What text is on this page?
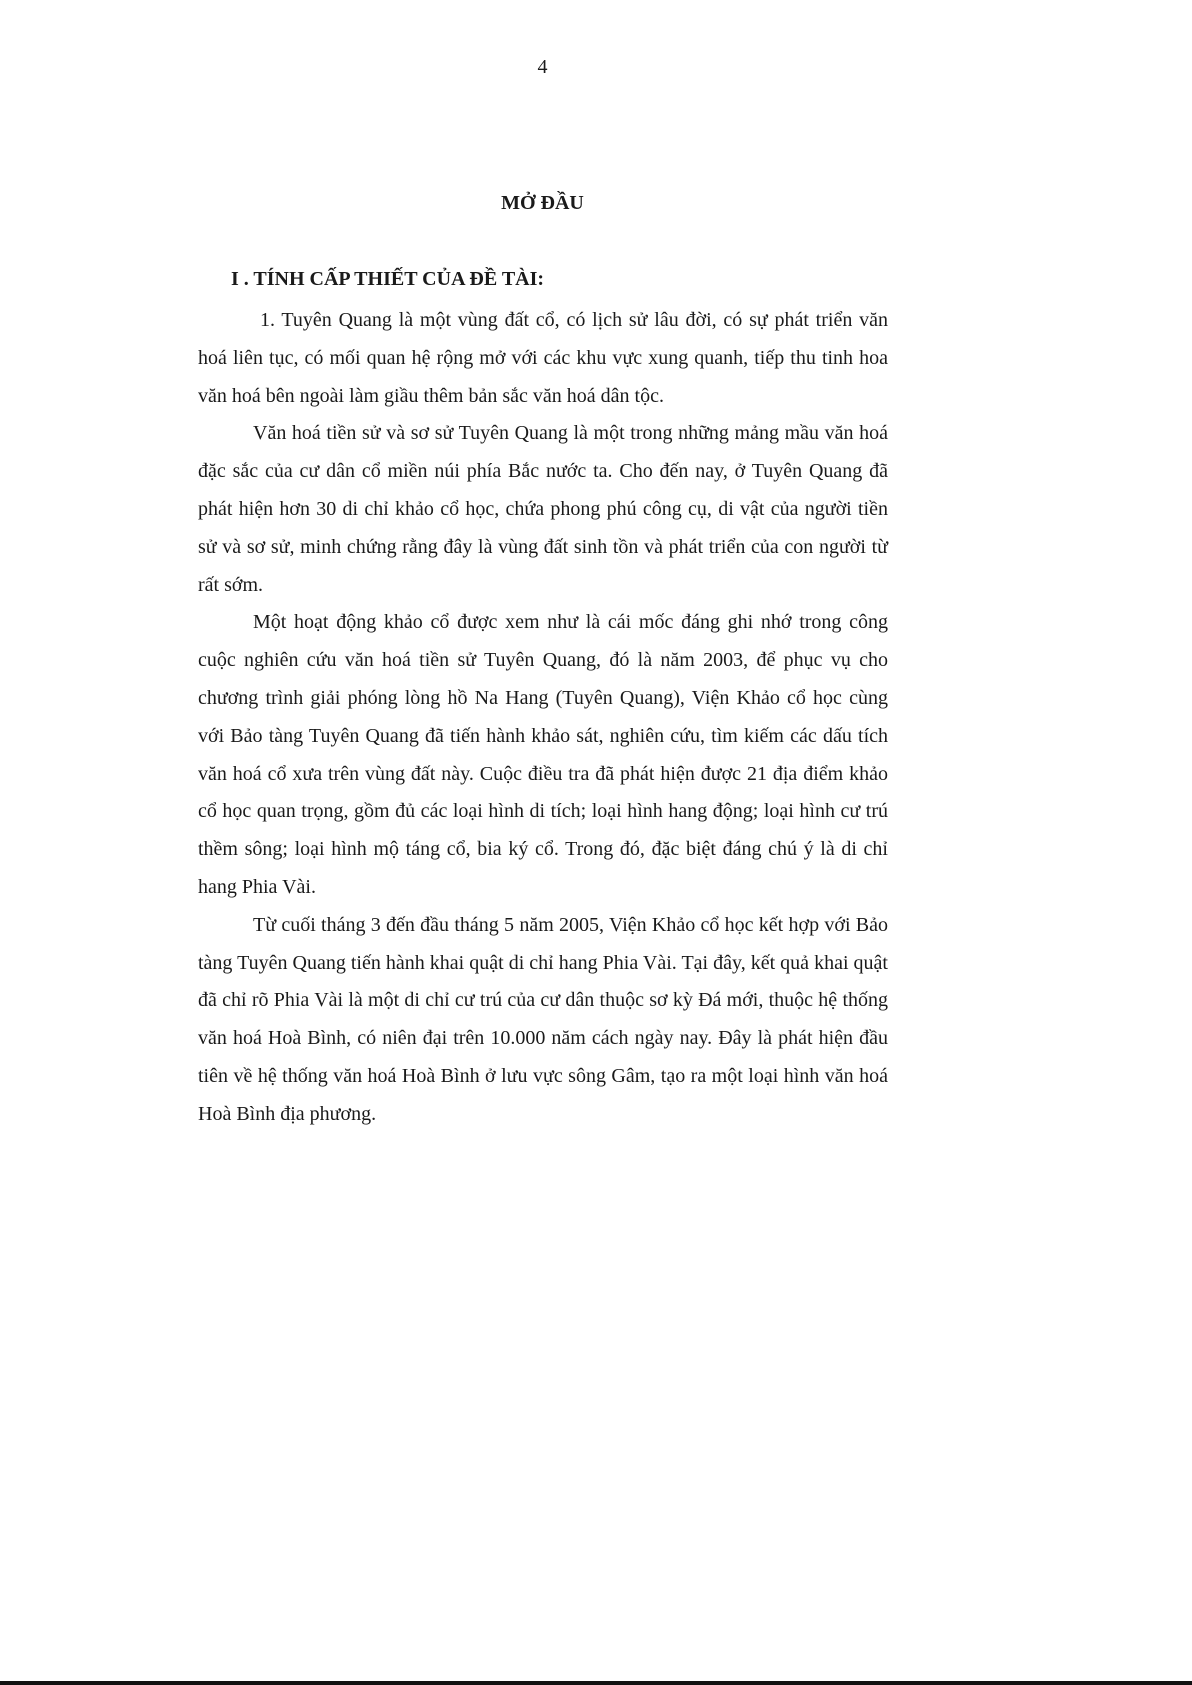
4
MỞ ĐẦU
I . TÍNH CẤP THIẾT CỦA ĐỀ TÀI:

1. Tuyên Quang là một vùng đất cổ, có lịch sử lâu đời, có sự phát triển văn hoá liên tục, có mối quan hệ rộng mở với các khu vực xung quanh, tiếp thu tinh hoa văn hoá bên ngoài làm giầu thêm bản sắc văn hoá dân tộc.

Văn hoá tiền sử và sơ sử Tuyên Quang là một trong những mảng mầu văn hoá đặc sắc của cư dân cổ miền núi phía Bắc nước ta. Cho đến nay, ở Tuyên Quang đã phát hiện hơn 30 di chỉ khảo cổ học, chứa phong phú công cụ, di vật của người tiền sử và sơ sử, minh chứng rằng đây là vùng đất sinh tồn và phát triển của con người từ rất sớm.

Một hoạt động khảo cổ được xem như là cái mốc đáng ghi nhớ trong công cuộc nghiên cứu văn hoá tiền sử Tuyên Quang, đó là năm 2003, để phục vụ cho chương trình giải phóng lòng hồ Na Hang (Tuyên Quang), Viện Khảo cổ học cùng với Bảo tàng Tuyên Quang đã tiến hành khảo sát, nghiên cứu, tìm kiếm các dấu tích văn hoá cổ xưa trên vùng đất này. Cuộc điều tra đã phát hiện được 21 địa điểm khảo cổ học quan trọng, gồm đủ các loại hình di tích; loại hình hang động; loại hình cư trú thềm sông; loại hình mộ táng cổ, bia ký cổ. Trong đó, đặc biệt đáng chú ý là di chỉ hang Phia Vài.

Từ cuối tháng 3 đến đầu tháng 5 năm 2005, Viện Khảo cổ học kết hợp với Bảo tàng Tuyên Quang tiến hành khai quật di chỉ hang Phia Vài. Tại đây, kết quả khai quật đã chỉ rõ Phia Vài là một di chỉ cư trú của cư dân thuộc sơ kỳ Đá mới, thuộc hệ thống văn hoá Hoà Bình, có niên đại trên 10.000 năm cách ngày nay. Đây là phát hiện đầu tiên về hệ thống văn hoá Hoà Bình ở lưu vực sông Gâm, tạo ra một loại hình văn hoá Hoà Bình địa phương.
